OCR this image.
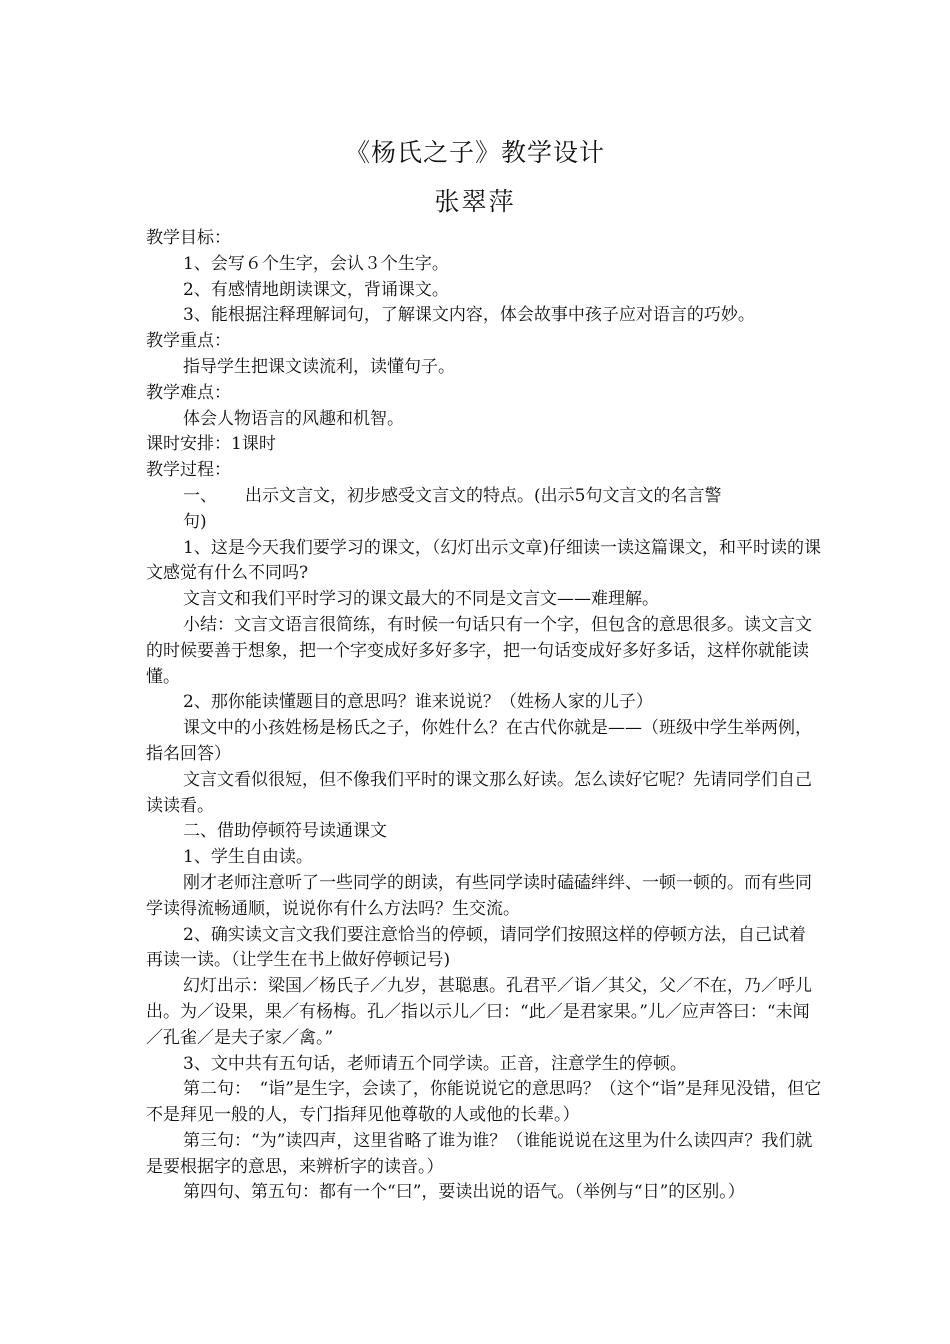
《杨氏之子》教学设计
张翠萍

教学目标：

1、会写６个生字，会认３个生字。

2、有感情地朗读课文，背诵课文。

3、能根据注释理解词句，了解课文内容，体会故事中孩子应对语言的巧妙。

教学重点：

指导学生把课文读流利，读懂句子。

教学难点：

体会人物语言的风趣和机智。

课时安排：1课时

教学过程：

一、 出示文言文，初步感受文言文的特点。(出示5句文言文的名言警

句)

1、这是今天我们要学习的课文，（幻灯出示文章)仔细读一读这篇课文，和平时读的课文感觉有什么不同吗?

文言文和我们平时学习的课文最大的不同是文言文——难理解。

小结：文言文语言很简练，有时候一句话只有一个字，但包含的意思很多。读文言文的时候要善于想象，把一个字变成好多好多字，把一句话变成好多好多话，这样你就能读懂。

2、那你能读懂题目的意思吗？谁来说说？（姓杨人家的儿子）

课文中的小孩姓杨是杨氏之子，你姓什么？在古代你就是——（班级中学生举两例，指名回答）

文言文看似很短，但不像我们平时的课文那么好读。怎么读好它呢？先请同学们自己读读看。

二、借助停顿符号读通课文

1、学生自由读。

刚才老师注意听了一些同学的朗读，有些同学读时磕磕绊绊、一顿一顿的。而有些同学读得流畅通顺，说说你有什么方法吗？生交流。

2、确实读文言文我们要注意恰当的停顿，请同学们按照这样的停顿方法，自己试着再读一读。（让学生在书上做好停顿记号)

幻灯出示：梁国／杨氏子／九岁，甚聪惠。孔君平／诣／其父，父／不在，乃／呼儿出。为／设果，果／有杨梅。孔／指以示儿／曰：“此／是君家果。”儿／应声答曰：“未闻／孔雀／是夫子家／禽。”

3、文中共有五句话，老师请五个同学读。正音，注意学生的停顿。

第二句：　“诣”是生字，会读了，你能说说它的意思吗？（这个“诣”是拜见没错，但它不是拜见一般的人，专门指拜见他尊敬的人或他的长辈。）

第三句：“为”读四声，这里省略了谁为谁？（谁能说说在这里为什么读四声？我们就是要根据字的意思，来辨析字的读音。）

第四句、第五句：都有一个“曰”，要读出说的语气。（举例与“日”的区别。）
